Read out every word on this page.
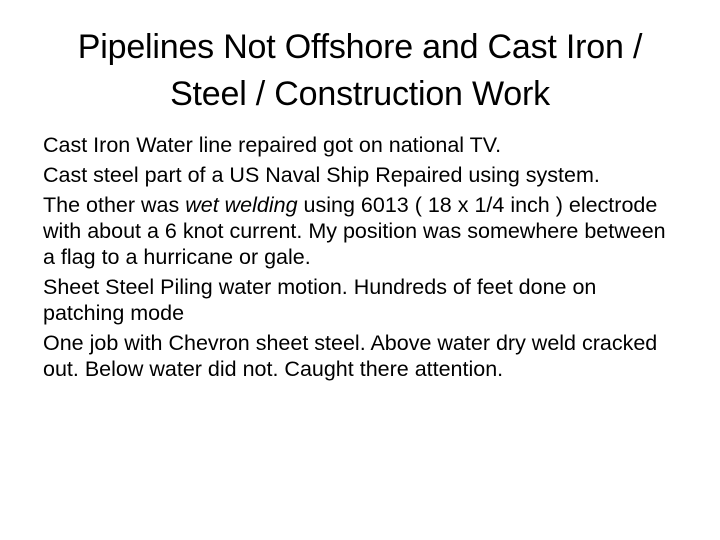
Pipelines Not Offshore and Cast Iron / Steel / Construction Work

Cast Iron Water line repaired got on national TV.

Cast steel part of a US Naval Ship Repaired using system.

The other was wet welding using 6013 ( 18 x 1/4 inch ) electrode with about a 6 knot current. My position was somewhere between a flag to a hurricane or gale.

Sheet Steel Piling water motion. Hundreds of feet done on patching mode

One job with Chevron sheet steel. Above water dry weld cracked out. Below water did not. Caught there attention.
